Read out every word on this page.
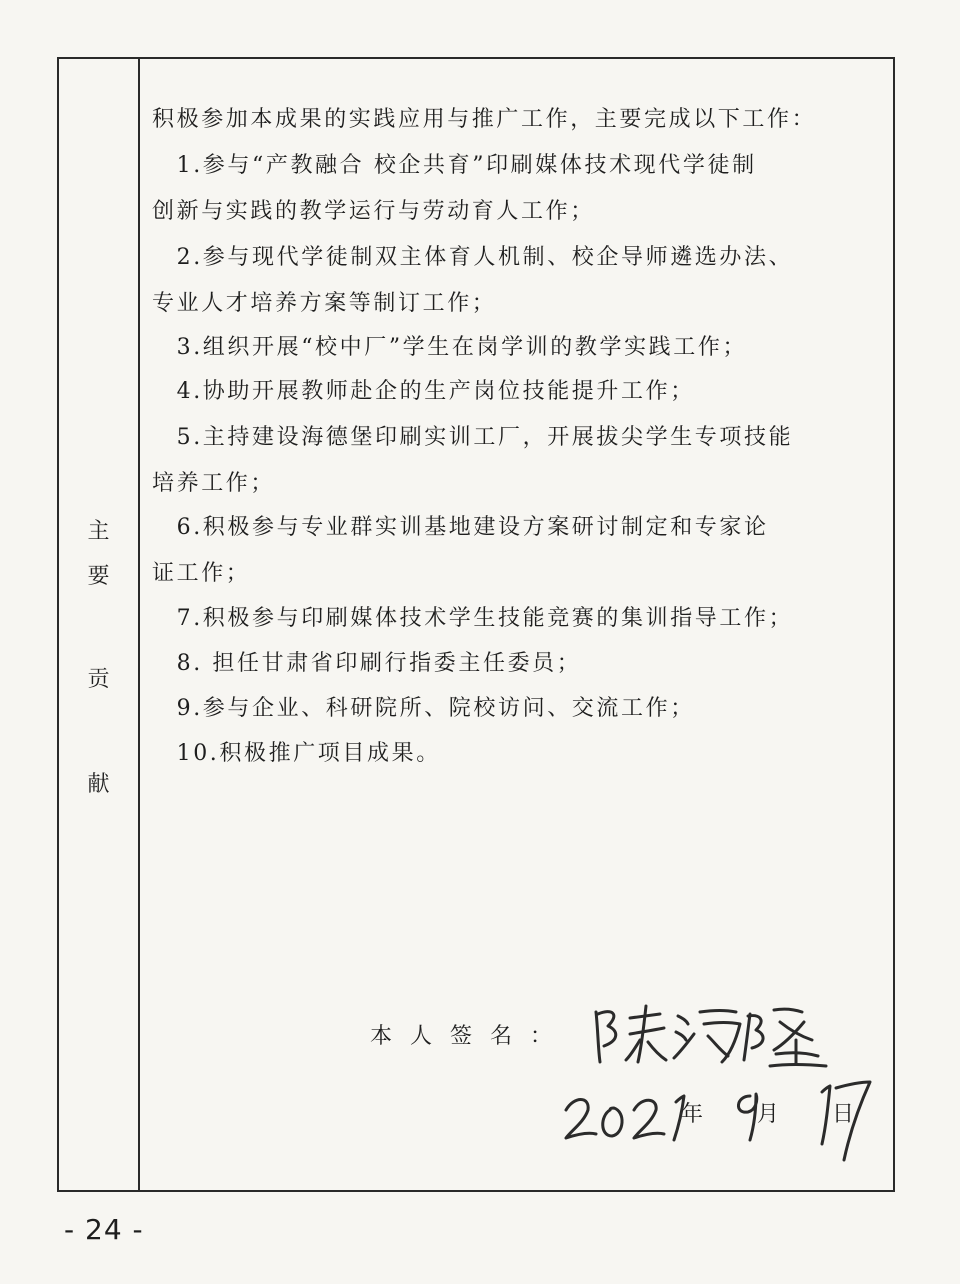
主
要
贡
献
积极参加本成果的实践应用与推广工作，主要完成以下工作：
　1.参与“产教融合 校企共育”印刷媒体技术现代学徒制
创新与实践的教学运行与劳动育人工作；
　2.参与现代学徒制双主体育人机制、校企导师遴选办法、
专业人才培养方案等制订工作；
　3.组织开展“校中厂”学生在岗学训的教学实践工作；
　4.协助开展教师赴企的生产岗位技能提升工作；
　5.主持建设海德堡印刷实训工厂，开展拔尖学生专项技能
培养工作；
　6.积极参与专业群实训基地建设方案研讨制定和专家论
证工作；
　7.积极参与印刷媒体技术学生技能竞赛的集训指导工作；
　8. 担任甘肃省印刷行指委主任委员；
　9.参与企业、科研院所、院校访问、交流工作；
　10.积极推广项目成果。
本人签名：
年 月 日
- 24 -
